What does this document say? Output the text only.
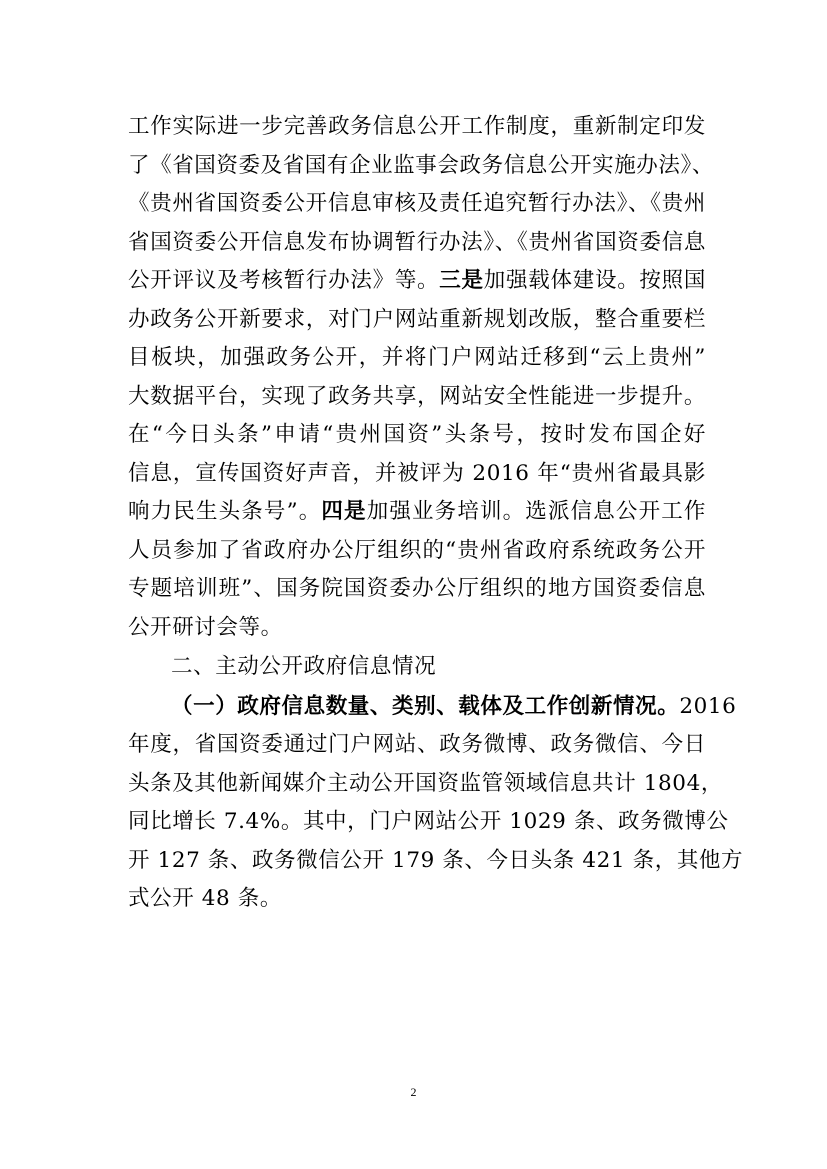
工作实际进一步完善政务信息公开工作制度，重新制定印发
了《省国资委及省国有企业监事会政务信息公开实施办法》、
《贵州省国资委公开信息审核及责任追究暂行办法》、《贵州
省国资委公开信息发布协调暂行办法》、《贵州省国资委信息
公开评议及考核暂行办法》等。三是加强载体建设。按照国
办政务公开新要求，对门户网站重新规划改版，整合重要栏
目板块，加强政务公开，并将门户网站迁移到“云上贵州”
大数据平台，实现了政务共享，网站安全性能进一步提升。
在“今日头条”申请“贵州国资”头条号，按时发布国企好
信息，宣传国资好声音，并被评为 2016 年“贵州省最具影
响力民生头条号”。四是加强业务培训。选派信息公开工作
人员参加了省政府办公厅组织的“贵州省政府系统政务公开
专题培训班”、国务院国资委办公厅组织的地方国资委信息
公开研讨会等。
二、主动公开政府信息情况
（一）政府信息数量、类别、载体及工作创新情况。2016
年度，省国资委通过门户网站、政务微博、政务微信、今日
头条及其他新闻媒介主动公开国资监管领域信息共计 1804，
同比增长 7.4%。其中，门户网站公开 1029 条、政务微博公
开 127 条、政务微信公开 179 条、今日头条 421 条，其他方
式公开 48 条。
2
